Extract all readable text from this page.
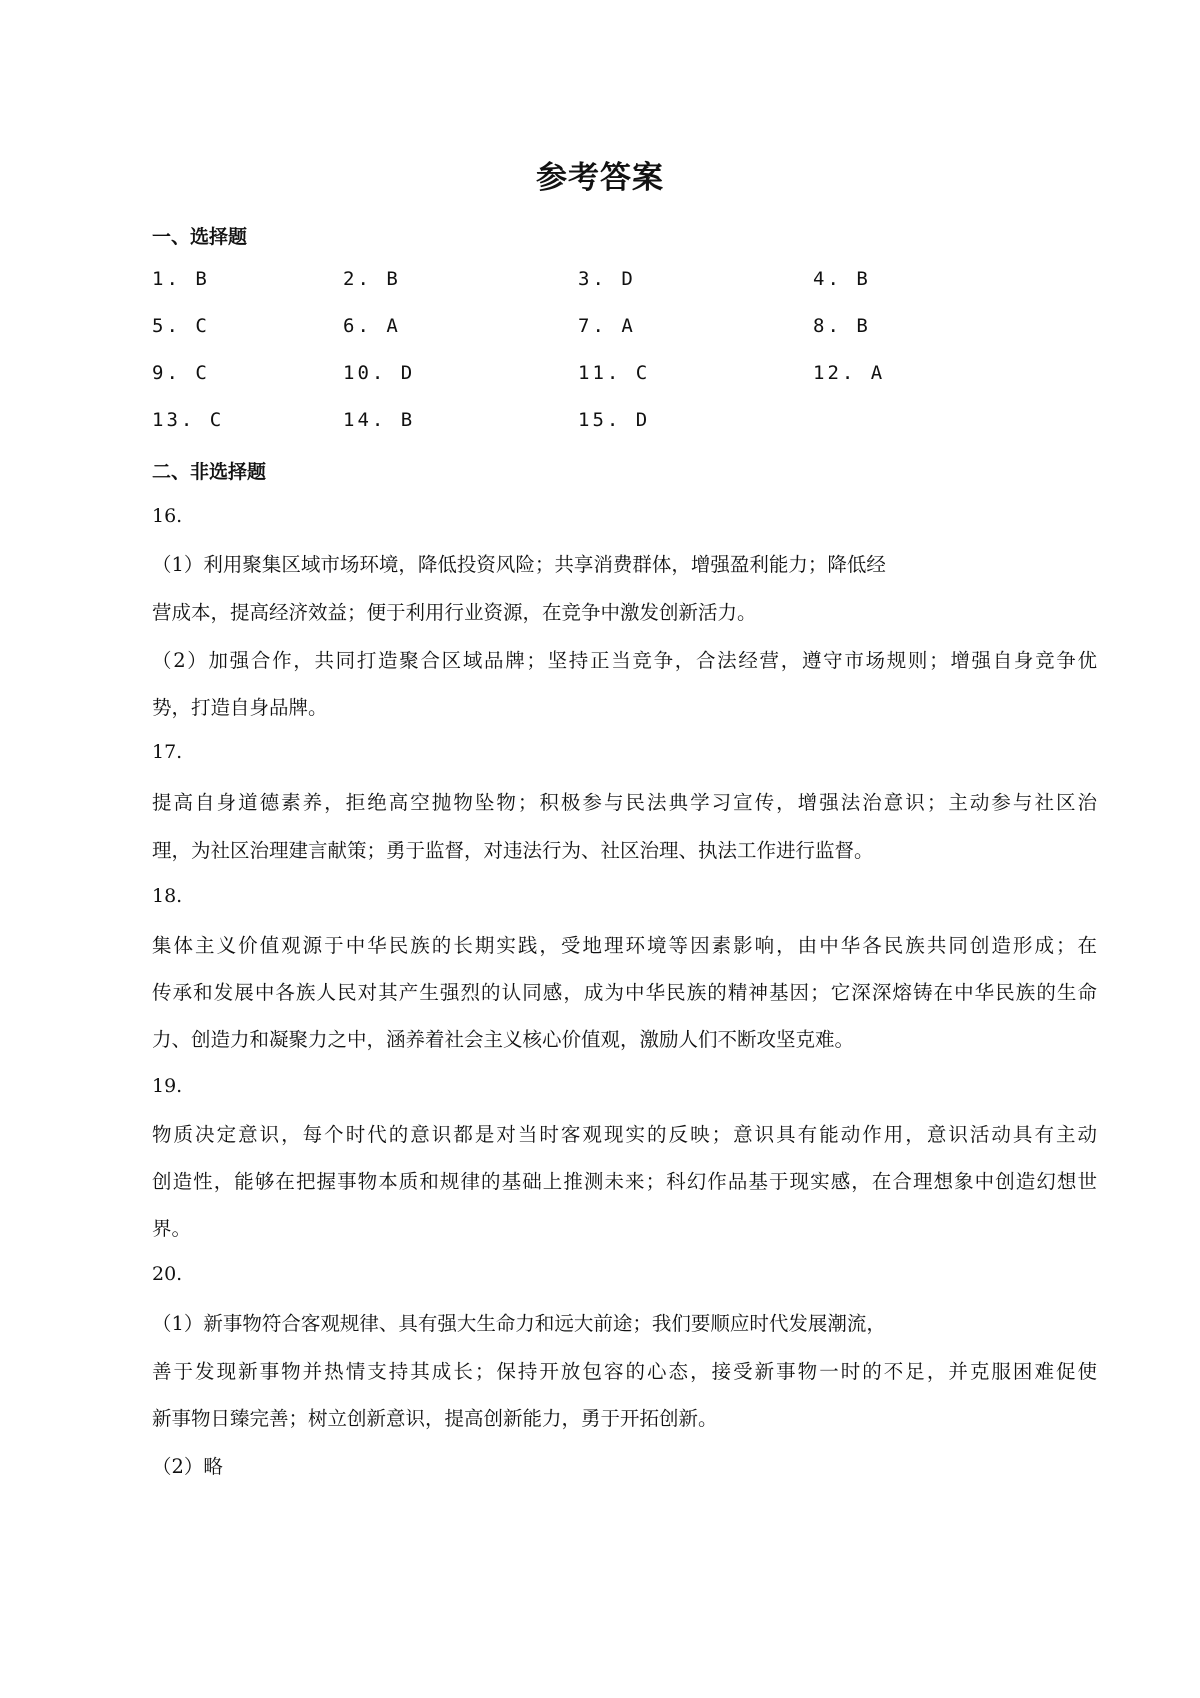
参考答案
一、选择题
1. B	2. B	3. D	4. B
5. C	6. A	7. A	8. B
9. C	10. D	11. C	12. A
13. C	14. B	15. D
二、非选择题
16.
（1）利用聚集区域市场环境，降低投资风险；共享消费群体，增强盈利能力；降低经
营成本，提高经济效益；便于利用行业资源，在竞争中激发创新活力。
（2）加强合作，共同打造聚合区域品牌；坚持正当竞争，合法经营，遵守市场规则；增强自身竞争优
势，打造自身品牌。
17.
提高自身道德素养，拒绝高空抛物坠物；积极参与民法典学习宣传，增强法治意识；主动参与社区治
理，为社区治理建言献策；勇于监督，对违法行为、社区治理、执法工作进行监督。
18.
集体主义价值观源于中华民族的长期实践，受地理环境等因素影响，由中华各民族共同创造形成；在
传承和发展中各族人民对其产生强烈的认同感，成为中华民族的精神基因；它深深熔铸在中华民族的生命
力、创造力和凝聚力之中，涵养着社会主义核心价值观，激励人们不断攻坚克难。
19.
物质决定意识，每个时代的意识都是对当时客观现实的反映；意识具有能动作用，意识活动具有主动
创造性，能够在把握事物本质和规律的基础上推测未来；科幻作品基于现实感，在合理想象中创造幻想世
界。
20.
（1）新事物符合客观规律、具有强大生命力和远大前途；我们要顺应时代发展潮流，
善于发现新事物并热情支持其成长；保持开放包容的心态，接受新事物一时的不足，并克服困难促使
新事物日臻完善；树立创新意识，提高创新能力，勇于开拓创新。
（2）略
